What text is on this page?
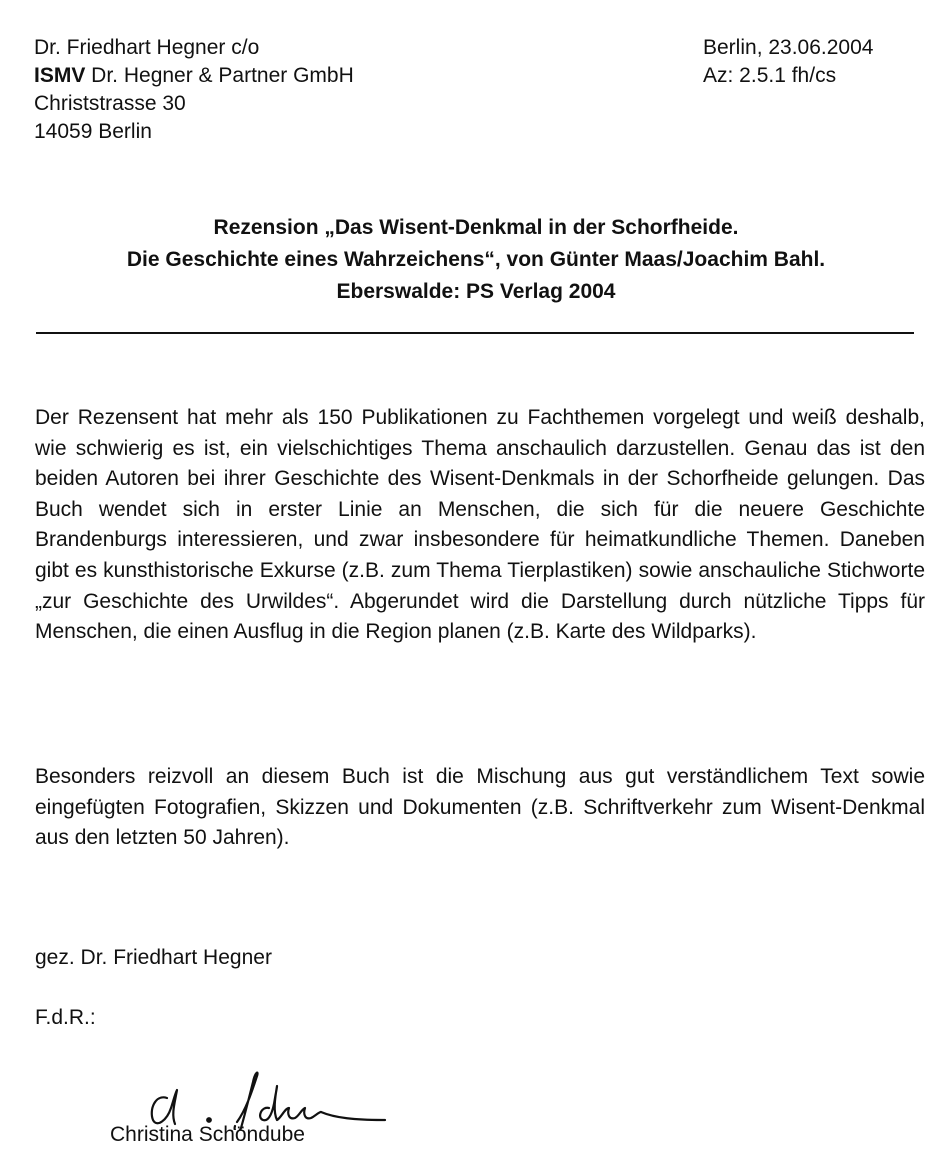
Dr. Friedhart Hegner c/o
ISMV Dr. Hegner & Partner GmbH
Christstrasse 30
14059 Berlin
Berlin, 23.06.2004
Az: 2.5.1 fh/cs
Rezension „Das Wisent-Denkmal in der Schorfheide.
Die Geschichte eines Wahrzeichens“, von Günter Maas/Joachim Bahl.
Eberswalde: PS Verlag 2004
Der Rezensent hat mehr als 150 Publikationen zu Fachthemen vorgelegt und weiß deshalb, wie schwierig es ist, ein vielschichtiges Thema anschaulich darzustellen. Genau das ist den beiden Autoren bei ihrer Geschichte des Wisent-Denkmals in der Schorfheide gelungen. Das Buch wendet sich in erster Linie an Menschen, die sich für die neuere Geschichte Brandenburgs interessieren, und zwar insbesondere für heimatkundliche Themen. Daneben gibt es kunsthistorische Exkurse (z.B. zum Thema Tierplastiken) sowie anschauliche Stichworte „zur Geschichte des Urwildes“. Abgerundet wird die Darstellung durch nützliche Tipps für Menschen, die einen Ausflug in die Region planen (z.B. Karte des Wildparks).
Besonders reizvoll an diesem Buch ist die Mischung aus gut verständlichem Text sowie eingefügten Fotografien, Skizzen und Dokumenten (z.B. Schriftverkehr zum Wisent-Denkmal aus den letzten 50 Jahren).
gez. Dr. Friedhart Hegner
F.d.R.:
Christina Schöndube
